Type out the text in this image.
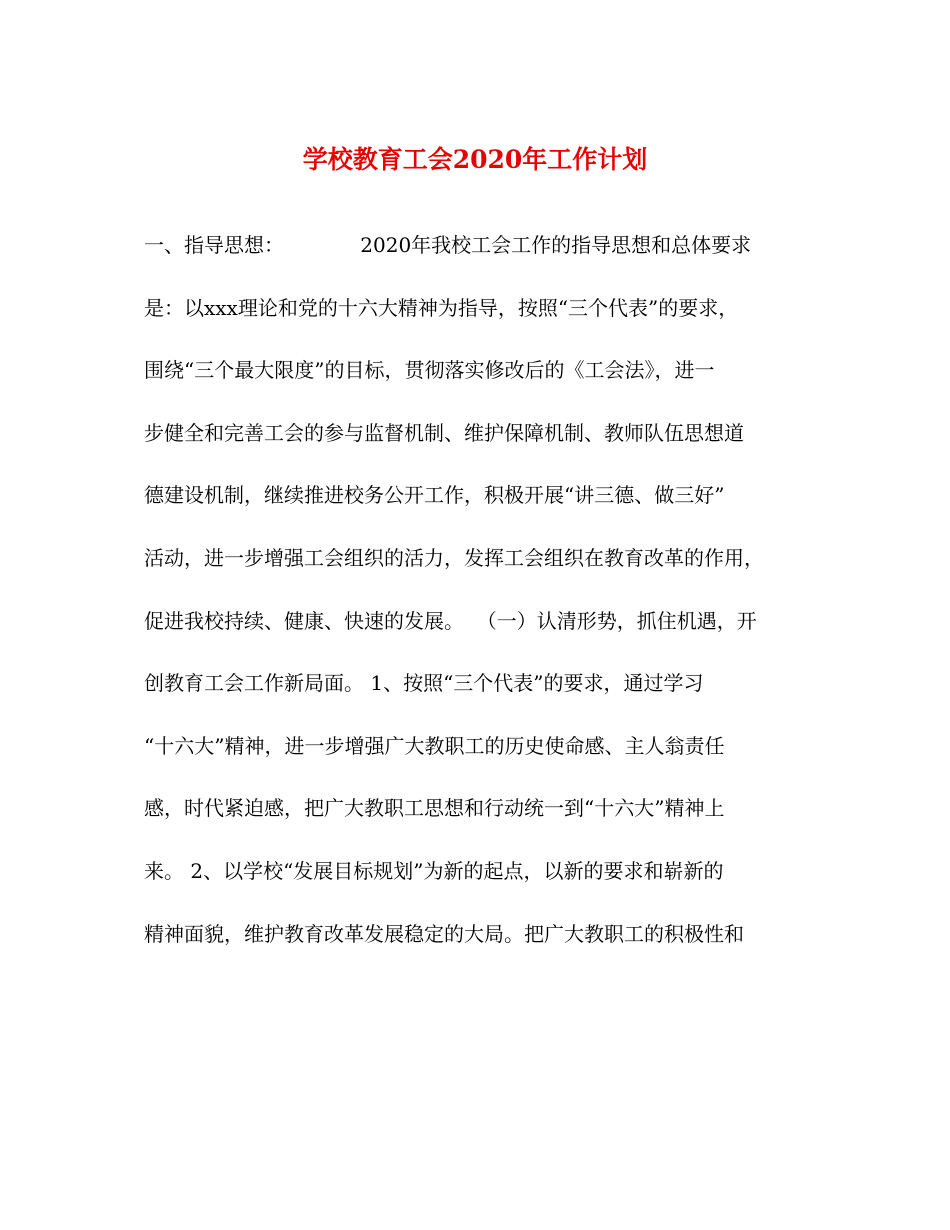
学校教育工会2020年工作计划
一、指导思想：            2020年我校工会工作的指导思想和总体要求
是：以xxx理论和党的十六大精神为指导，按照“三个代表”的要求，
围绕“三个最大限度”的目标，贯彻落实修改后的《工会法》，进一
步健全和完善工会的参与监督机制、维护保障机制、教师队伍思想道
德建设机制，继续推进校务公开工作，积极开展“讲三德、做三好”
活动，进一步增强工会组织的活力，发挥工会组织在教育改革的作用，
促进我校持续、健康、快速的发展。  （一）认清形势，抓住机遇，开
创教育工会工作新局面。 1、按照“三个代表”的要求，通过学习
“十六大”精神，进一步增强广大教职工的历史使命感、主人翁责任
感，时代紧迫感，把广大教职工思想和行动统一到“十六大”精神上
来。 2、以学校“发展目标规划”为新的起点，以新的要求和崭新的
精神面貌，维护教育改革发展稳定的大局。把广大教职工的积极性和
